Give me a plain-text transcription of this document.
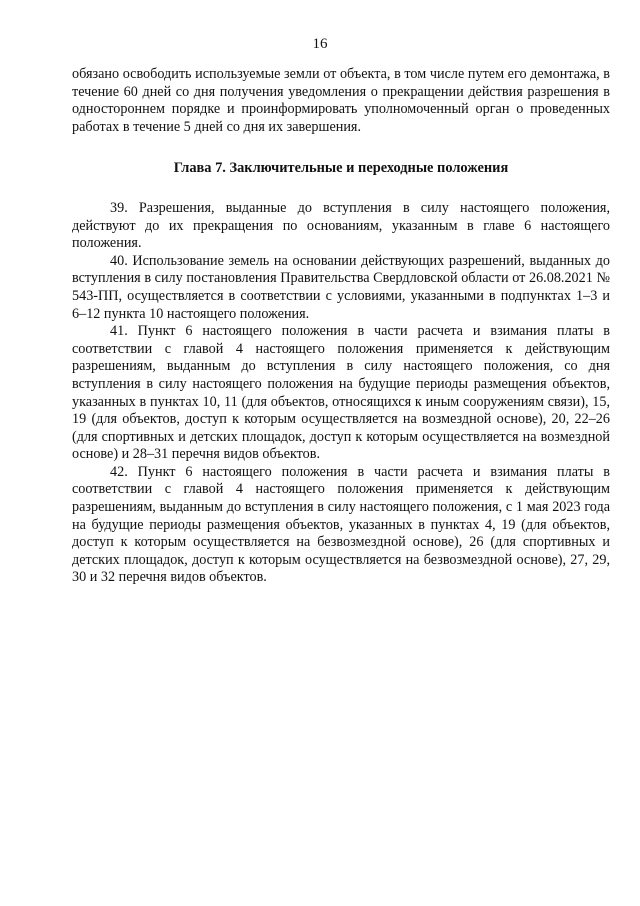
16

обязано освободить используемые земли от объекта, в том числе путем его демонтажа, в течение 60 дней со дня получения уведомления о прекращении действия разрешения в одностороннем порядке и проинформировать уполномоченный орган о проведенных работах в течение 5 дней со дня их завершения.

Глава 7. Заключительные и переходные положения

39. Разрешения, выданные до вступления в силу настоящего положения, действуют до их прекращения по основаниям, указанным в главе 6 настоящего положения.

40. Использование земель на основании действующих разрешений, выданных до вступления в силу постановления Правительства Свердловской области от 26.08.2021 № 543-ПП, осуществляется в соответствии с условиями, указанными в подпунктах 1–3 и 6–12 пункта 10 настоящего положения.

41. Пункт 6 настоящего положения в части расчета и взимания платы в соответствии с главой 4 настоящего положения применяется к действующим разрешениям, выданным до вступления в силу настоящего положения, со дня вступления в силу настоящего положения на будущие периоды размещения объектов, указанных в пунктах 10, 11 (для объектов, относящихся к иным сооружениям связи), 15, 19 (для объектов, доступ к которым осуществляется на возмездной основе), 20, 22–26 (для спортивных и детских площадок, доступ к которым осуществляется на возмездной основе) и 28–31 перечня видов объектов.

42. Пункт 6 настоящего положения в части расчета и взимания платы в соответствии с главой 4 настоящего положения применяется к действующим разрешениям, выданным до вступления в силу настоящего положения, с 1 мая 2023 года на будущие периоды размещения объектов, указанных в пунктах 4, 19 (для объектов, доступ к которым осуществляется на безвозмездной основе), 26 (для спортивных и детских площадок, доступ к которым осуществляется на безвозмездной основе), 27, 29, 30 и 32 перечня видов объектов.
